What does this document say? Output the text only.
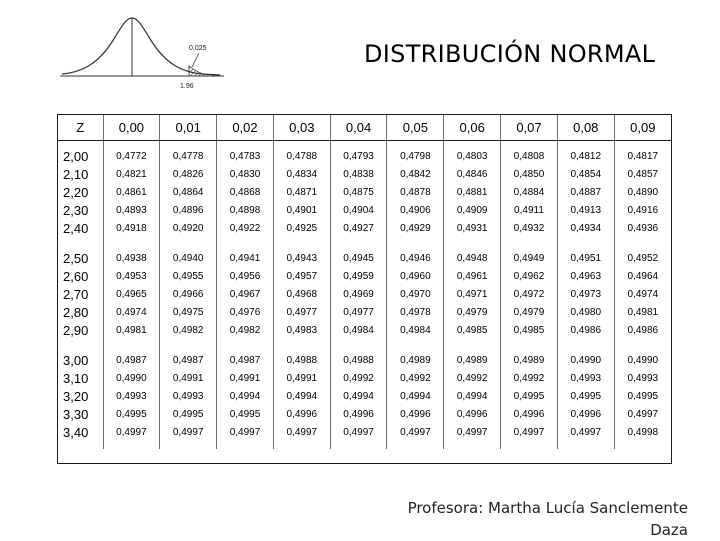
0,025
1.96
DISTRIBUCIÓN NORMAL
Z	0,00	0,01	0,02	0,03	0,04	0,05	0,06	0,07	0,08	0,09

2,00	0,4772	0,4778	0,4783	0,4788	0,4793	0,4798	0,4803	0,4808	0,4812	0,4817
2,10	0,4821	0,4826	0,4830	0,4834	0,4838	0,4842	0,4846	0,4850	0,4854	0,4857
2,20	0,4861	0,4864	0,4868	0,4871	0,4875	0,4878	0,4881	0,4884	0,4887	0,4890
2,30	0,4893	0,4896	0,4898	0,4901	0,4904	0,4906	0,4909	0,4911	0,4913	0,4916
2,40	0,4918	0,4920	0,4922	0,4925	0,4927	0,4929	0,4931	0,4932	0,4934	0,4936

2,50	0,4938	0,4940	0,4941	0,4943	0,4945	0,4946	0,4948	0,4949	0,4951	0,4952
2,60	0,4953	0,4955	0,4956	0,4957	0,4959	0,4960	0,4961	0,4962	0,4963	0,4964
2,70	0,4965	0,4966	0,4967	0,4968	0,4969	0,4970	0,4971	0,4972	0,4973	0,4974
2,80	0,4974	0,4975	0,4976	0,4977	0,4977	0,4978	0,4979	0,4979	0,4980	0,4981
2,90	0,4981	0,4982	0,4982	0,4983	0,4984	0,4984	0,4985	0,4985	0,4986	0,4986

3,00	0,4987	0,4987	0,4987	0,4988	0,4988	0,4989	0,4989	0,4989	0,4990	0,4990
3,10	0,4990	0,4991	0,4991	0,4991	0,4992	0,4992	0,4992	0,4992	0,4993	0,4993
3,20	0,4993	0,4993	0,4994	0,4994	0,4994	0,4994	0,4994	0,4995	0,4995	0,4995
3,30	0,4995	0,4995	0,4995	0,4996	0,4996	0,4996	0,4996	0,4996	0,4996	0,4997
3,40	0,4997	0,4997	0,4997	0,4997	0,4997	0,4997	0,4997	0,4997	0,4997	0,4998

Profesora: Martha Lucía Sanclemente
Daza
